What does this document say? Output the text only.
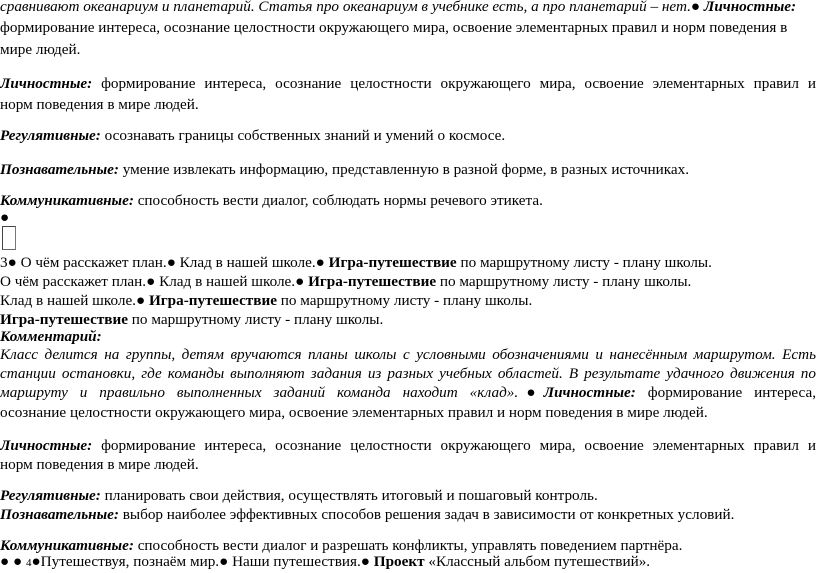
сравнивают океанариум и планетарий. Статья про океанариум в учебнике есть, а про планетарий – нет.● Личностные:
формирование интереса, осознание целостности окружающего мира, освоение элементарных правил и норм поведения в
мире людей.
Личностные: формирование интереса, осознание целостности окружающего мира, освоение элементарных правил и
норм поведения в мире людей.
Регулятивные: осознавать границы собственных знаний и умений о космосе.
Познавательные: умение извлекать информацию, представленную в разной форме, в разных источниках.
Коммуникативные: способность вести диалог, соблюдать нормы речевого этикета.
●
3● О чём расскажет план.● Клад в нашей школе.● Игра-путешествие по маршрутному листу - плану школы.
О чём расскажет план.● Клад в нашей школе.● Игра-путешествие по маршрутному листу - плану школы.
Клад в нашей школе.● Игра-путешествие по маршрутному листу - плану школы.
Игра-путешествие по маршрутному листу - плану школы.
Комментарий:
Класс делится на группы, детям вручаются планы школы с условными обозначениями и нанесённым маршрутом. Есть
станции остановки, где команды выполняют задания из разных учебных областей. В результате удачного движения по
маршруту и правильно выполненных заданий команда находит «клад».●Личностные: формирование интереса,
осознание целостности окружающего мира, освоение элементарных правил и норм поведения в мире людей.
Личностные: формирование интереса, осознание целостности окружающего мира, освоение элементарных правил и
норм поведения в мире людей.
Регулятивные: планировать свои действия, осуществлять итоговый и пошаговый контроль.
Познавательные: выбор наиболее эффективных способов решения задач в зависимости от конкретных условий.
Коммуникативные: способность вести диалог и разрешать конфликты, управлять поведением партнёра.
● ● 4●Путешествуя, познаём мир.● Наши путешествия.● Проект «Классный альбом путешествий».
